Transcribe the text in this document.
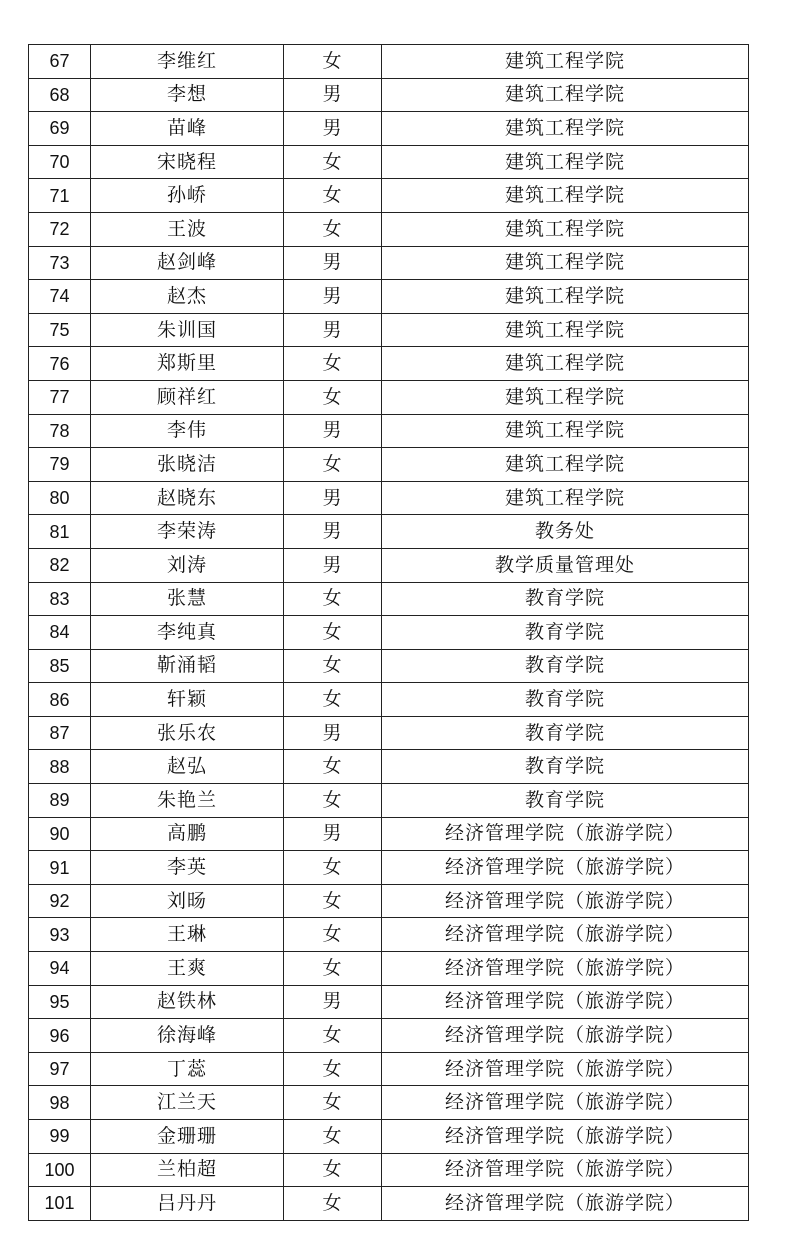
67	李维红	女	建筑工程学院
68	李想	男	建筑工程学院
69	苗峰	男	建筑工程学院
70	宋晓程	女	建筑工程学院
71	孙峤	女	建筑工程学院
72	王波	女	建筑工程学院
73	赵剑峰	男	建筑工程学院
74	赵杰	男	建筑工程学院
75	朱训国	男	建筑工程学院
76	郑斯里	女	建筑工程学院
77	顾祥红	女	建筑工程学院
78	李伟	男	建筑工程学院
79	张晓洁	女	建筑工程学院
80	赵晓东	男	建筑工程学院
81	李荣涛	男	教务处
82	刘涛	男	教学质量管理处
83	张慧	女	教育学院
84	李纯真	女	教育学院
85	靳涌韬	女	教育学院
86	轩颖	女	教育学院
87	张乐农	男	教育学院
88	赵弘	女	教育学院
89	朱艳兰	女	教育学院
90	高鹏	男	经济管理学院（旅游学院）
91	李英	女	经济管理学院（旅游学院）
92	刘旸	女	经济管理学院（旅游学院）
93	王琳	女	经济管理学院（旅游学院）
94	王爽	女	经济管理学院（旅游学院）
95	赵铁林	男	经济管理学院（旅游学院）
96	徐海峰	女	经济管理学院（旅游学院）
97	丁蕊	女	经济管理学院（旅游学院）
98	江兰天	女	经济管理学院（旅游学院）
99	金珊珊	女	经济管理学院（旅游学院）
100	兰柏超	女	经济管理学院（旅游学院）
101	吕丹丹	女	经济管理学院（旅游学院）
